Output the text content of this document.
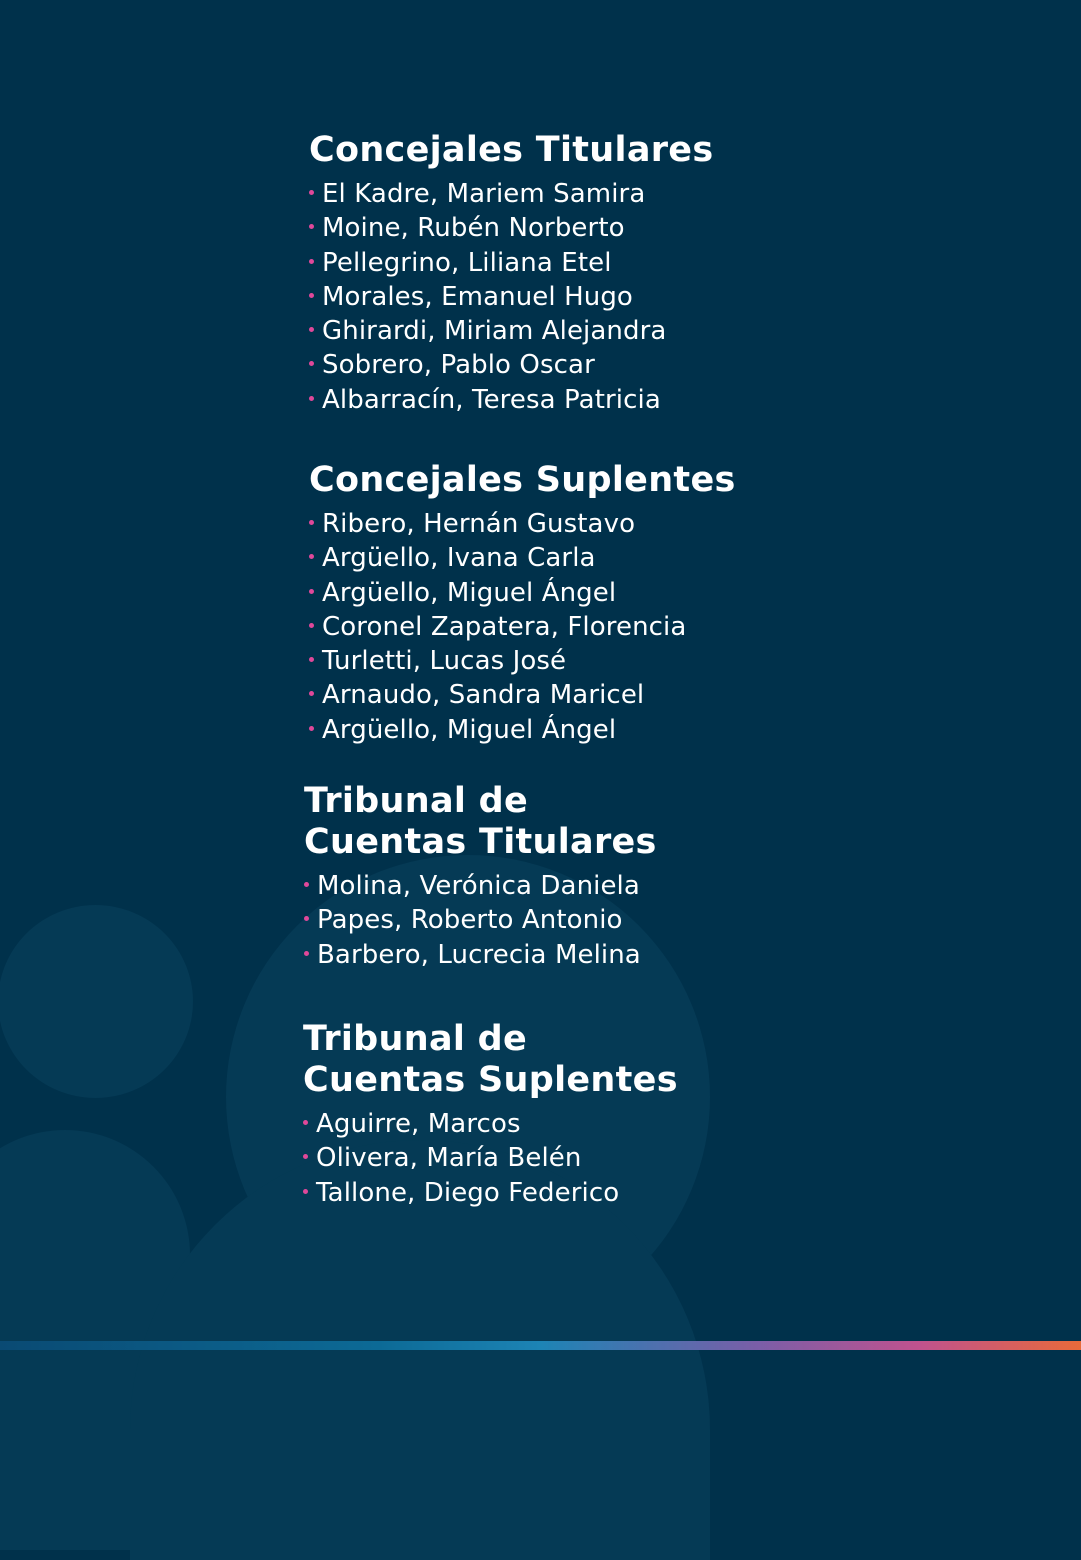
Concejales Titulares
El Kadre, Mariem Samira
Moine, Rubén Norberto
Pellegrino, Liliana Etel
Morales, Emanuel Hugo
Ghirardi, Miriam Alejandra
Sobrero, Pablo Oscar
Albarracín, Teresa Patricia
Concejales Suplentes
Ribero, Hernán Gustavo
Argüello, Ivana Carla
Argüello, Miguel Ángel
Coronel Zapatera, Florencia
Turletti, Lucas José
Arnaudo, Sandra Maricel
Argüello, Miguel Ángel
Tribunal de
Cuentas Titulares
Molina, Verónica Daniela
Papes, Roberto Antonio
Barbero, Lucrecia Melina
Tribunal de
Cuentas Suplentes
Aguirre, Marcos
Olivera, María Belén
Tallone, Diego Federico
